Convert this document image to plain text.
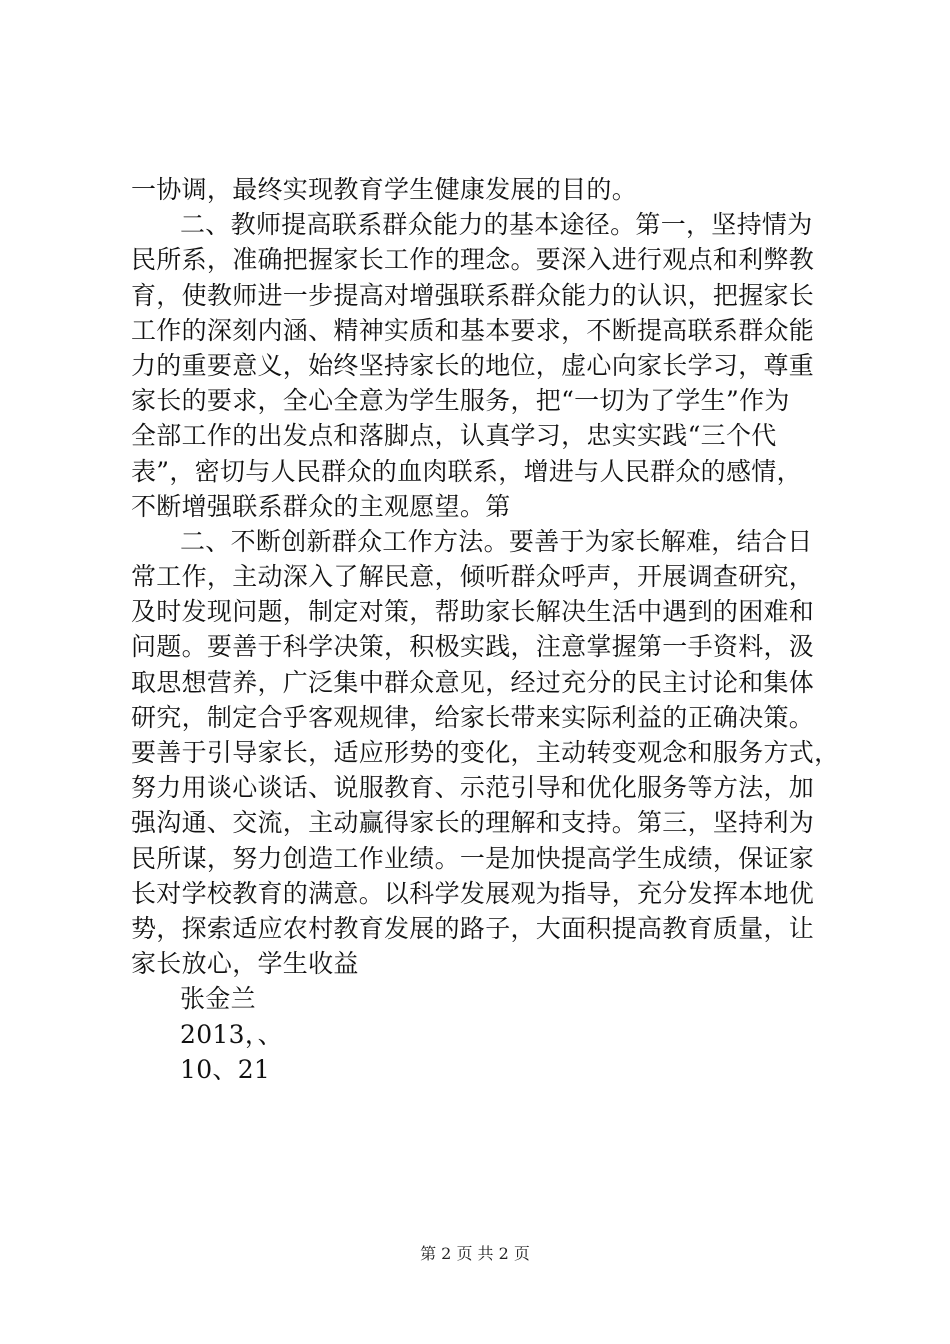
一协调，最终实现教育学生健康发展的目的。
二、教师提高联系群众能力的基本途径。第一，坚持情为
民所系，准确把握家长工作的理念。要深入进行观点和利弊教
育，使教师进一步提高对增强联系群众能力的认识，把握家长
工作的深刻内涵、精神实质和基本要求，不断提高联系群众能
力的重要意义，始终坚持家长的地位，虚心向家长学习，尊重
家长的要求，全心全意为学生服务，把“一切为了学生”作为
全部工作的出发点和落脚点，认真学习，忠实实践“三个代
表”，密切与人民群众的血肉联系，增进与人民群众的感情，
不断增强联系群众的主观愿望。第
二、不断创新群众工作方法。要善于为家长解难，结合日
常工作，主动深入了解民意，倾听群众呼声，开展调查研究，
及时发现问题，制定对策，帮助家长解决生活中遇到的困难和
问题。要善于科学决策，积极实践，注意掌握第一手资料，汲
取思想营养，广泛集中群众意见，经过充分的民主讨论和集体
研究，制定合乎客观规律，给家长带来实际利益的正确决策。
要善于引导家长，适应形势的变化，主动转变观念和服务方式，
努力用谈心谈话、说服教育、示范引导和优化服务等方法，加
强沟通、交流，主动赢得家长的理解和支持。第三，坚持利为
民所谋，努力创造工作业绩。一是加快提高学生成绩，保证家
长对学校教育的满意。以科学发展观为指导，充分发挥本地优
势，探索适应农村教育发展的路子，大面积提高教育质量，让
家长放心，学生收益
张金兰
2013，、
10、21
第 2 页 共 2 页
